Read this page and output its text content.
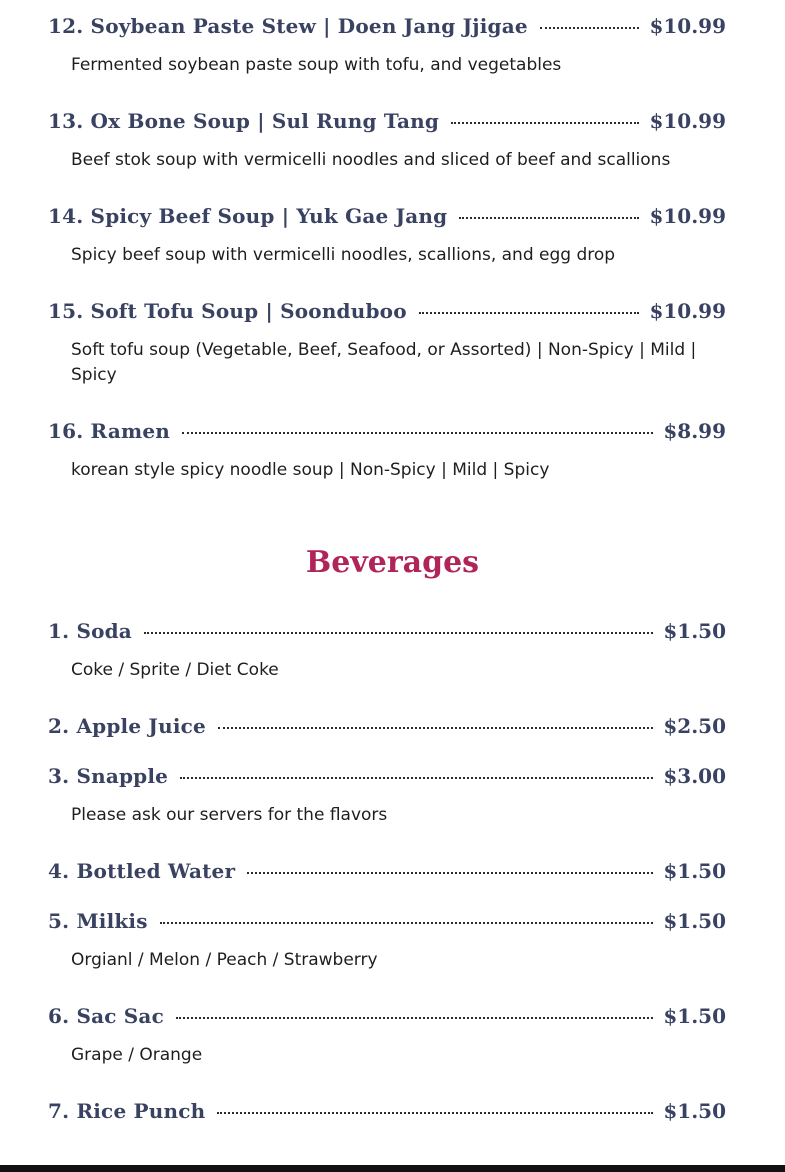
12. Soybean Paste Stew | Doen Jang Jjigae	$10.99
Fermented soybean paste soup with tofu, and vegetables
13. Ox Bone Soup | Sul Rung Tang	$10.99
Beef stok soup with vermicelli noodles and sliced of beef and scallions
14. Spicy Beef Soup | Yuk Gae Jang	$10.99
Spicy beef soup with vermicelli noodles, scallions, and egg drop
15. Soft Tofu Soup | Soonduboo	$10.99
Soft tofu soup (Vegetable, Beef, Seafood, or Assorted) | Non-Spicy | Mild | Spicy
16. Ramen	$8.99
korean style spicy noodle soup | Non-Spicy | Mild | Spicy
1. Soda	$1.50
Coke / Sprite / Diet Coke
2. Apple Juice	$2.50
3. Snapple	$3.00
Please ask our servers for the flavors
4. Bottled Water	$1.50
5. Milkis	$1.50
Orgianl / Melon / Peach / Strawberry
6. Sac Sac	$1.50
Grape / Orange
7. Rice Punch	$1.50
Beverages
